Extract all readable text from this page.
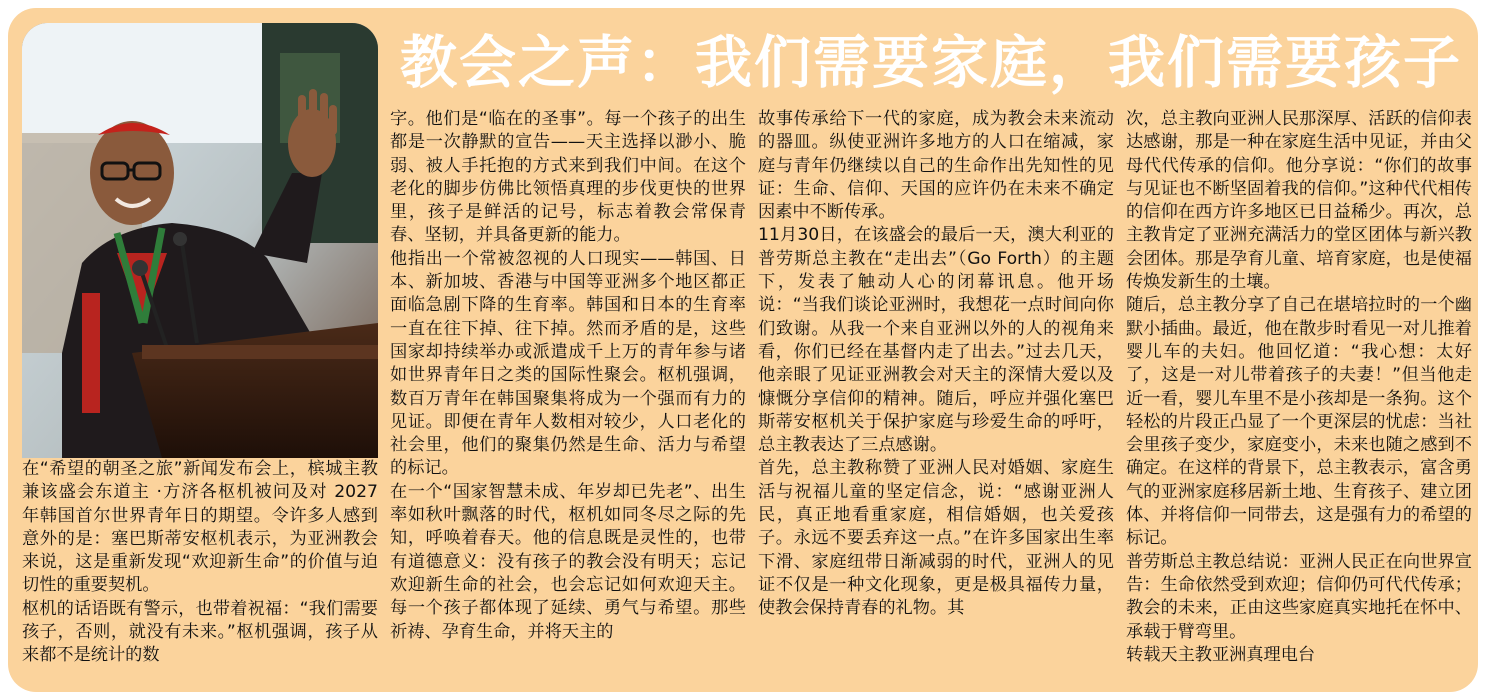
教会之声：我们需要家庭，我们需要孩子

在“希望的朝圣之旅”新闻发布会上，槟城主教兼该盛会东道主 ·方济各枢机被问及对 2027 年韩国首尔世界青年日的期望。令许多人感到意外的是：塞巴斯蒂安枢机表示，为亚洲教会来说，这是重新发现“欢迎新生命”的价值与迫切性的重要契机。

枢机的话语既有警示，也带着祝福：“我们需要孩子，否则，就没有未来。”枢机强调，孩子从来都不是统计的数

字。他们是“临在的圣事”。每一个孩子的出生都是一次静默的宣告——天主选择以渺小、脆弱、被人手托抱的方式来到我们中间。在这个老化的脚步仿佛比领悟真理的步伐更快的世界里，孩子是鲜活的记号，标志着教会常保青春、坚韧，并具备更新的能力。

他指出一个常被忽视的人口现实——韩国、日本、新加坡、香港与中国等亚洲多个地区都正面临急剧下降的生育率。韩国和日本的生育率一直在往下掉、往下掉。然而矛盾的是，这些国家却持续举办或派遣成千上万的青年参与诸如世界青年日之类的国际性聚会。枢机强调，数百万青年在韩国聚集将成为一个强而有力的见证。即便在青年人数相对较少，人口老化的社会里，他们的聚集仍然是生命、活力与希望的标记。

在一个“国家智慧未成、年岁却已先老”、出生率如秋叶飘落的时代，枢机如同冬尽之际的先知，呼唤着春天。他的信息既是灵性的，也带有道德意义：没有孩子的教会没有明天；忘记欢迎新生命的社会，也会忘记如何欢迎天主。每一个孩子都体现了延续、勇气与希望。那些祈祷、孕育生命，并将天主的

故事传承给下一代的家庭，成为教会未来流动的器皿。纵使亚洲许多地方的人口在缩减，家庭与青年仍继续以自己的生命作出先知性的见证：生命、信仰、天国的应许仍在未来不确定因素中不断传承。

11月30日，在该盛会的最后一天，澳大利亚的普劳斯总主教在“走出去”（Go Forth）的主题下，发表了触动人心的闭幕讯息。他开场说：“当我们谈论亚洲时，我想花一点时间向你们致谢。从我一个来自亚洲以外的人的视角来看，你们已经在基督内走了出去。”过去几天，他亲眼了见证亚洲教会对天主的深情大爱以及慷慨分享信仰的精神。随后，呼应并强化塞巴斯蒂安枢机关于保护家庭与珍爱生命的呼吁，总主教表达了三点感谢。

首先，总主教称赞了亚洲人民对婚姻、家庭生活与祝福儿童的坚定信念，说：“感谢亚洲人民，真正地看重家庭，相信婚姻，也关爱孩子。永远不要丢弃这一点。”在许多国家出生率下滑、家庭纽带日渐减弱的时代，亚洲人的见证不仅是一种文化现象，更是极具福传力量，使教会保持青春的礼物。其

次，总主教向亚洲人民那深厚、活跃的信仰表达感谢，那是一种在家庭生活中见证，并由父母代代传承的信仰。他分享说：“你们的故事与见证也不断坚固着我的信仰。”这种代代相传的信仰在西方许多地区已日益稀少。再次，总主教肯定了亚洲充满活力的堂区团体与新兴教会团体。那是孕育儿童、培育家庭，也是使福传焕发新生的土壤。

随后，总主教分享了自己在堪培拉时的一个幽默小插曲。最近，他在散步时看见一对儿推着婴儿车的夫妇。他回忆道：“我心想：太好了，这是一对儿带着孩子的夫妻！”但当他走近一看，婴儿车里不是小孩却是一条狗。这个轻松的片段正凸显了一个更深层的忧虑：当社会里孩子变少，家庭变小，未来也随之感到不确定。在这样的背景下，总主教表示，富含勇气的亚洲家庭移居新土地、生育孩子、建立团体、并将信仰一同带去，这是强有力的希望的标记。

普劳斯总主教总结说：亚洲人民正在向世界宣告：生命依然受到欢迎；信仰仍可代代传承；教会的未来，正由这些家庭真实地托在怀中、承载于臂弯里。

转载天主教亚洲真理电台
